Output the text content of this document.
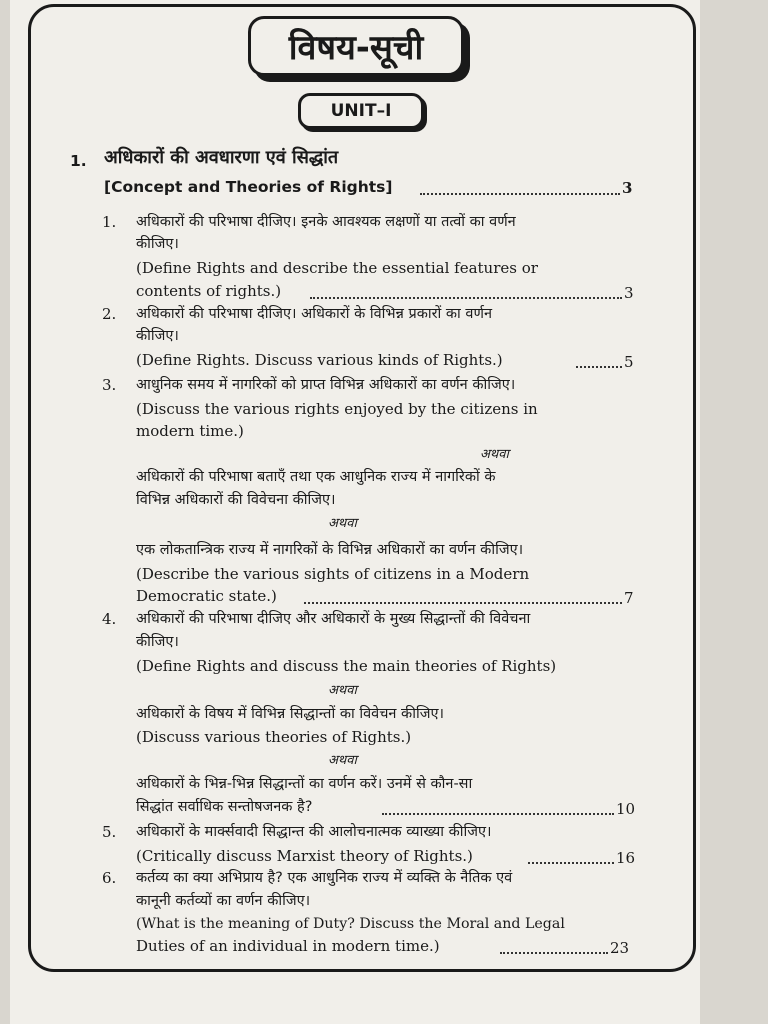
विषय-सूची
UNIT–I
1. अधिकारों की अवधारणा एवं सिद्धांत
[Concept and Theories of Rights]	3
1. अधिकारों की परिभाषा दीजिए। इनके आवश्यक लक्षणों या तत्वों का वर्णन
कीजिए।
(Define Rights and describe the essential features or
contents of rights.)	3
2. अधिकारों की परिभाषा दीजिए। अधिकारों के विभिन्न प्रकारों का वर्णन
कीजिए।
(Define Rights. Discuss various kinds of Rights.)	5
3. आधुनिक समय में नागरिकों को प्राप्त विभिन्न अधिकारों का वर्णन कीजिए।
(Discuss the various rights enjoyed by the citizens in
modern time.)
अथवा
अधिकारों की परिभाषा बताएँ तथा एक आधुनिक राज्य में नागरिकों के
विभिन्न अधिकारों की विवेचना कीजिए।
अथवा
एक लोकतान्त्रिक राज्य में नागरिकों के विभिन्न अधिकारों का वर्णन कीजिए।
(Describe the various sights of citizens in a Modern
Democratic state.)	7
4. अधिकारों की परिभाषा दीजिए और अधिकारों के मुख्य सिद्धान्तों की विवेचना
कीजिए।
(Define Rights and discuss the main theories of Rights)
अथवा
अधिकारों के विषय में विभिन्न सिद्धान्तों का विवेचन कीजिए।
(Discuss various theories of Rights.)
अथवा
अधिकारों के भिन्न-भिन्न सिद्धान्तों का वर्णन करें। उनमें से कौन-सा
सिद्धांत सर्वाधिक सन्तोषजनक है?	10
5. अधिकारों के मार्क्सवादी सिद्धान्त की आलोचनात्मक व्याख्या कीजिए।
(Critically discuss Marxist theory of Rights.)	16
6. कर्तव्य का क्या अभिप्राय है? एक आधुनिक राज्य में व्यक्ति के नैतिक एवं
कानूनी कर्तव्यों का वर्णन कीजिए।
(What is the meaning of Duty? Discuss the Moral and Legal
Duties of an individual in modern time.)	23
